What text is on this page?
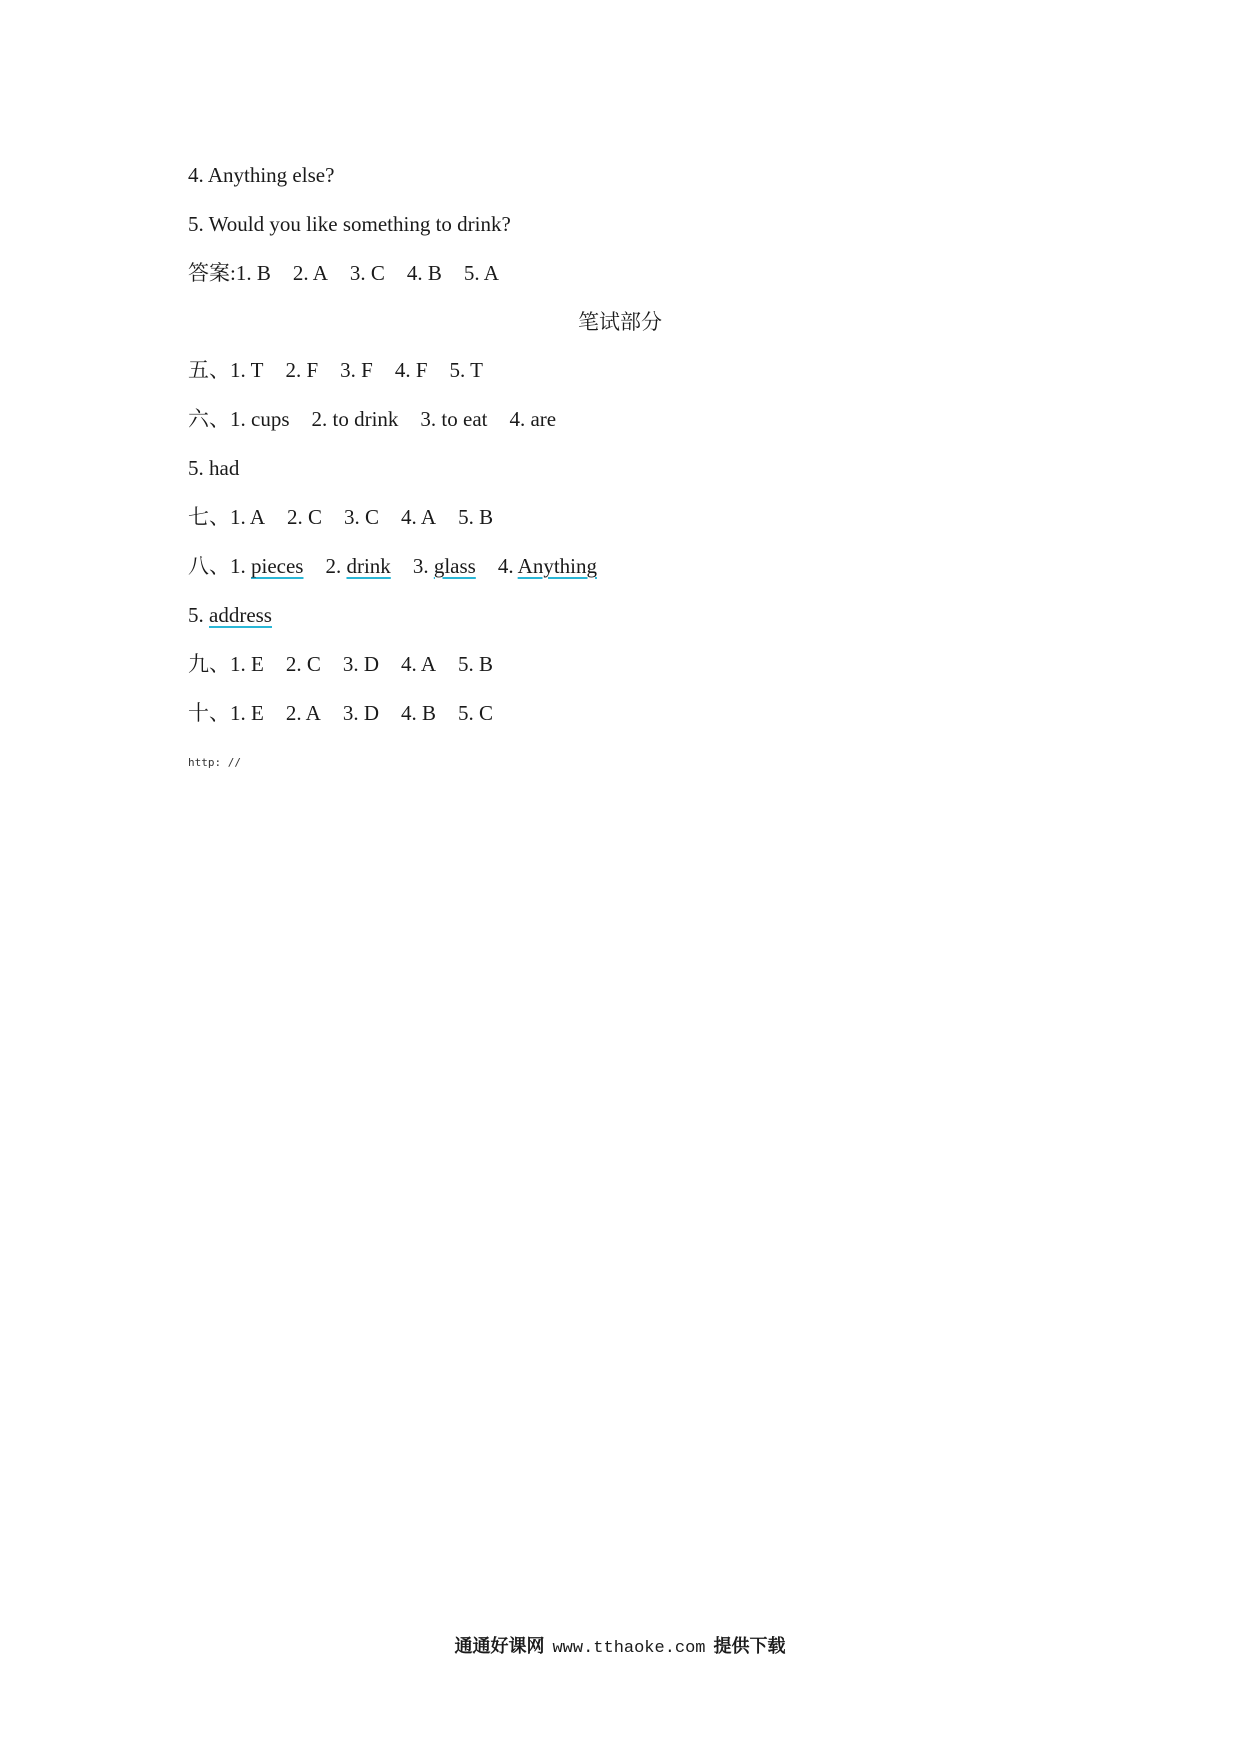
4. Anything else?
5. Would you like something to drink?
答案:1. B 2. A 3. C 4. B 5. A
笔试部分
五、1. T 2. F 3. F 4. F 5. T
六、1. cups 2. to drink 3. to eat 4. are
5. had
七、1. A 2. C 3. C 4. A 5. B
八、1. pieces 2. drink 3. glass 4. Anything
5. address
九、1. E 2. C 3. D 4. A 5. B
十、1. E 2. A 3. D 4. B 5. C
http: //
通通好课网 www.tthaoke.com 提供下载
